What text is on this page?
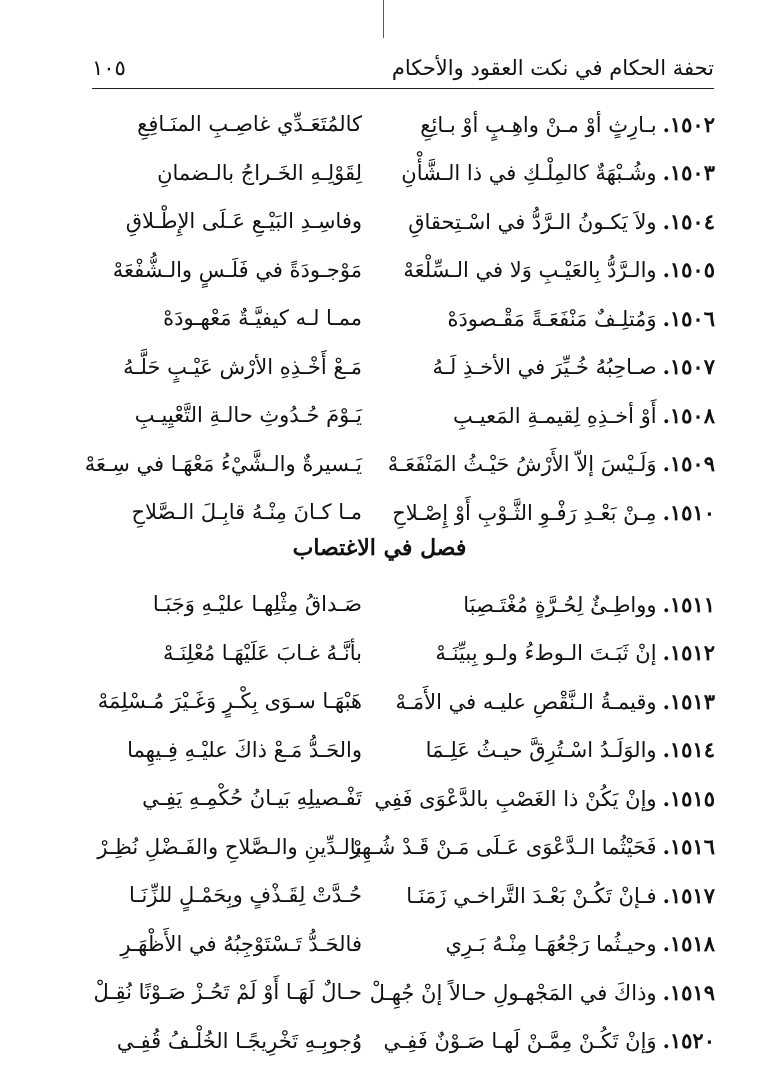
تحفة الحكام في نكت العقود والأحكام
١٠٥
١٥٠٢.بـارِثٍ أوْ مـنْ واهِـبٍ أوْ بـائِعِ
كالمُتَعَـدِّي غاصِـبِ المنَـافِعِ
١٥٠٣.وشُـبْهَةٌ كالمِلْـكِ في ذا الـشَّأْنِ
لِقَوْلِـهِ الخَـراجُ بالـضمانِ
١٥٠٤.ولاَ يَكـونُ الـرَّدُّ في اسْـتِحقاقِ
وفاسِـدِ البَيْـعِ عَـلَى الإِطْـلاقِ
١٥٠٥.والـرَّدُّ بِالعَيْـبِ وَلا في الـسِّلْعَهْ
مَوْجـودَةً في فَلَـسٍ والـشُّفْعَهْ
١٥٠٦.وَمُتلِـفٌ مَنْفَعَـةً مَقْـصودَهْ
ممـا لـه كيفيَّـةٌ مَعْهـودَهْ
١٥٠٧.صـاحِبُهُ خُـيِّرَ في الأخـذِ لَـهُ
مَـعْ أَخْـذِهِ الأرْش عَيْـبٍ حَلَّـهُ
١٥٠٨.أَوْ أخـذِهِ لِقيمـةِ المَعيـبِ
يَـوْمَ حُـدُوثِ حالـةِ التَّعْيِيـبِ
١٥٠٩.وَلَـيْسَ إلاّ الأَرْشُ حَيْـثُ المَنْفَعَـهْ
يَـسيرةٌ والـشَّيْءُ مَعْهَـا في سِـعَهْ
١٥١٠.مِـنْ بَعْـدِ رَفْـوِ الثَّـوْبِ أَوْ إِصْـلاحِ
مـا كـانَ مِنْـهُ قابِـلَ الـصَّلاحِ
فصل في الاغتصاب
١٥١١.وواطِـئٌ لِحُـرَّةٍ مُغْتَـصِبَا
صَـداقُ مِثْلِهـا عليْـهِ وَجَبَـا
١٥١٢.إنْ ثَبَـتَ الـوطءُ ولـو بِبيِّنَـهْ
بأنَّـهُ غـابَ عَلَيْهَـا مُعْلِنَـهْ
١٥١٣.وقيمـةُ الـنَّقْصِ عليـه في الأَمَـهْ
هَبْهَـا سـوَى بِكْـرٍ وَغَـيْرَ مُـسْلِمَهْ
١٥١٤.والوَلَـدُ اسْـتُرِقَّ حيـثُ عَلِـمَا
والحَـدُّ مَـعْ ذاكَ عليْـهِ فِـيهِما
١٥١٥.وإنْ يَكُنْ ذا الغَصْبِ بالدَّعْوَى فَفِي
تَفْـصيلِهِ بَيـانُ حُكْمِـهِ يَفِـي
١٥١٦.فَحَيْثُما الـدَّعْوَى عَـلَى مَـنْ قَـدْ شُـهِرْ
بالـدِّينِ والـصَّلاحِ والفَـضْلِ نُظِـرْ
١٥١٧.فـإنْ تَكُـنْ بَعْـدَ التَّراخـي زَمَنَـا
حُـدَّتْ لِقَـذْفٍ وبِحَمْـلٍ للزِّنَـا
١٥١٨.وحيـثُما رَجْعُهَـا مِنْـهُ بَـرِي
فالحَـدُّ تَـسْتَوْجِبُهُ في الأَظْهَـرِ
١٥١٩.وذاكَ في المَجْهـولِ حـالاً إنْ جُهِـلْ
حـالٌ لَهَـا أَوْ لَمْ تَحُـزْ صَـوْنًا نُقِـلْ
١٥٢٠.وَإنْ تَكُـنْ مِمَّـنْ لَهـا صَـوْنٌ فَفِـي
وُجوبِـهِ تَخْرِيجًـا الخُلْـفُ قُفِـي
